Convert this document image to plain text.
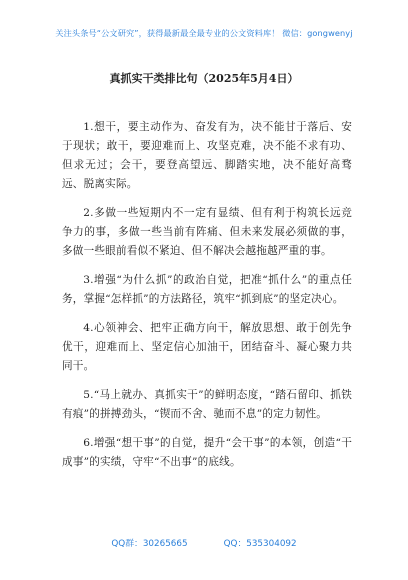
关注头条号“公文研究”，获得最新最全最专业的公文资料库！ 微信：gongwenyj
真抓实干类排比句（2025年5月4日）

1.想干，要主动作为、奋发有为，决不能甘于落后、安于现状；敢干，要迎难而上、攻坚克难，决不能不求有功、但求无过；会干，要登高望远、脚踏实地，决不能好高骛远、脱离实际。

2.多做一些短期内不一定有显绩、但有利于构筑长远竞争力的事，多做一些当前有阵痛、但未来发展必须做的事，多做一些眼前看似不紧迫、但不解决会越拖越严重的事。

3.增强“为什么抓”的政治自觉，把准“抓什么”的重点任务，掌握“怎样抓”的方法路径，筑牢“抓到底”的坚定决心。

4.心领神会、把牢正确方向干，解放思想、敢于创先争优干，迎难而上、坚定信心加油干，团结奋斗、凝心聚力共同干。

5.“马上就办、真抓实干”的鲜明态度，“踏石留印、抓铁有痕”的拼搏劲头，“锲而不舍、驰而不息”的定力韧性。

6.增强“想干事”的自觉，提升“会干事”的本领，创造“干成事”的实绩，守牢“不出事”的底线。

QQ群：30265665	QQ：535304092
